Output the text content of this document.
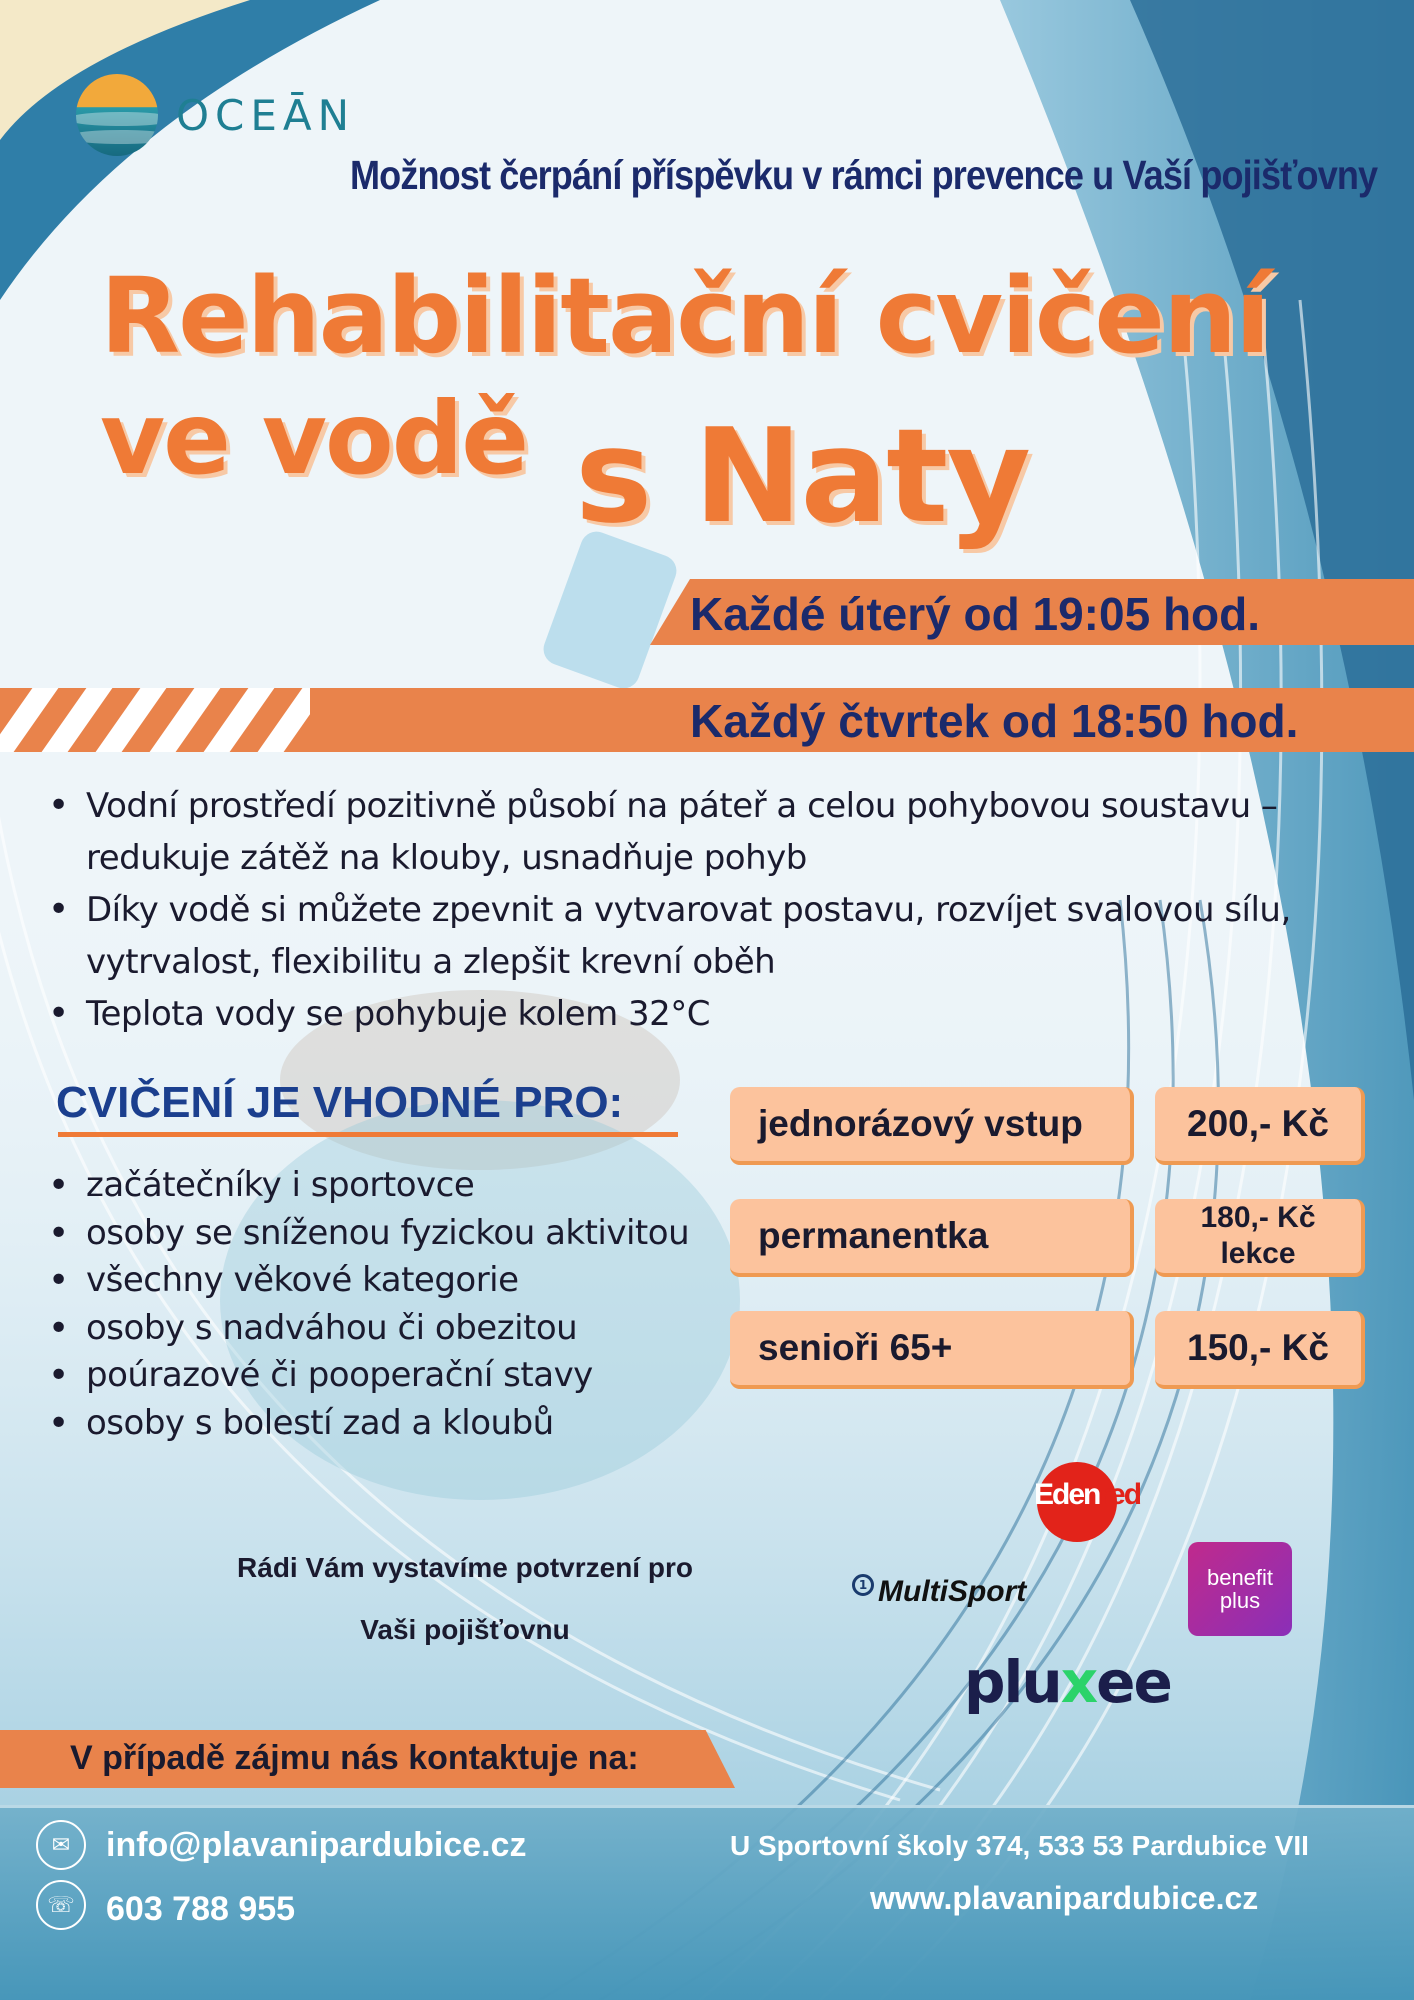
OCEĀN
Možnost čerpání příspěvku v rámci prevence u Vaší pojišťovny
Rehabilitační cvičení
ve vodě s Naty
Každé úterý od 19:05 hod.
Každý čtvrtek od 18:50 hod.
• Vodní prostředí pozitivně působí na páteř a celou pohybovou soustavu – redukuje zátěž na klouby, usnadňuje pohyb
• Díky vodě si můžete zpevnit a vytvarovat postavu, rozvíjet svalovou sílu, vytrvalost, flexibilitu a zlepšit krevní oběh
• Teplota vody se pohybuje kolem 32°C
CVIČENÍ JE VHODNÉ PRO:
• začátečníky i sportovce
• osoby se sníženou fyzickou aktivitou
• všechny věkové kategorie
• osoby s nadváhou či obezitou
• poúrazové či pooperační stavy
• osoby s bolestí zad a kloubů
jednorázový vstup	200,- Kč
permanentka	180,- Kč
lekce
senioři 65+	150,- Kč
Rádi Vám vystavíme potvrzení pro
Vaši pojišťovnu
Edenred
1 MultiSport	benefit
plus
pluxee
V případě zájmu nás kontaktuje na:
✉	info@plavanipardubice.cz
☏ 603 788 955
U Sportovní školy 374, 533 53 Pardubice VII
www.plavanipardubice.cz
